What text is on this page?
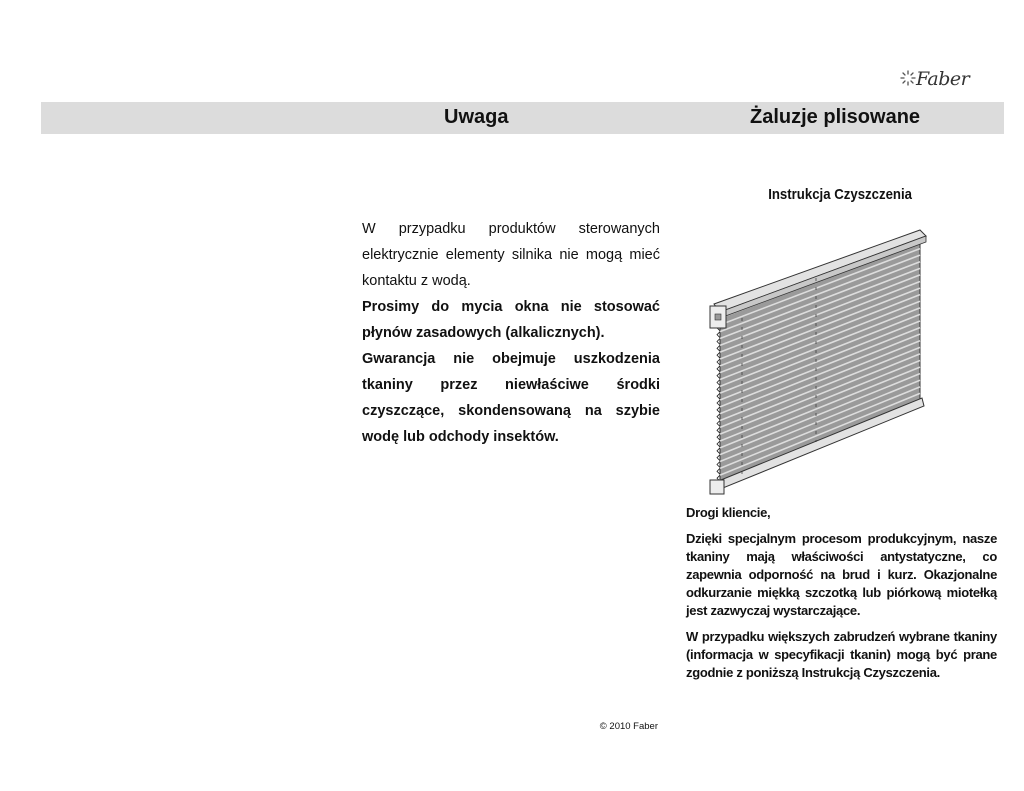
Uwaga	Żaluzje plisowane
Faber

W przypadku produktów sterowanych elektrycznie elementy silnika nie mogą mieć kontaktu z wodą.

Prosimy do mycia okna nie stosować płynów zasadowych (alkalicznych).

Gwarancja nie obejmuje uszkodzenia tkaniny przez niewłaściwe środki czyszczące, skondensowaną na szybie wodę lub odchody insektów.

Instrukcja Czyszczenia

Drogi kliencie,

Dzięki specjalnym procesom produkcyjnym, nasze tkaniny mają właściwości antystatyczne, co zapewnia odporność na brud i kurz. Okazjonalne odkurzanie miękką szczotką lub piórkową miotełką jest zazwyczaj wystarczające.

W przypadku większych zabrudzeń wybrane tkaniny (informacja w specyfikacji tkanin) mogą być prane zgodnie z poniższą Instrukcją Czyszczenia.

© 2010 Faber
